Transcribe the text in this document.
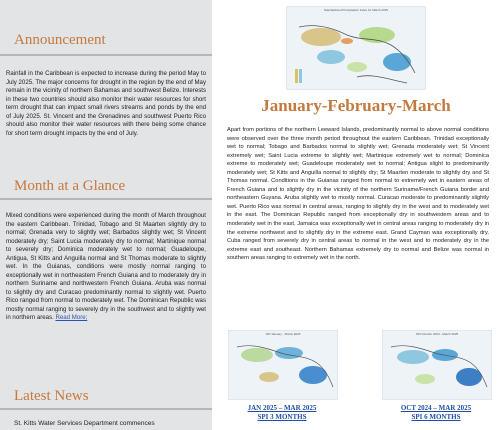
Announcement

Rainfall in the Caribbean is expected to increase during the period May to July 2025. The major concerns for drought in the region by the end of May remain in the vicinity of northern Bahamas and southwest Belize. Interests in these two countries should also monitor their water resources for short term drought that can impact small rivers streams and ponds by the end of July 2025. St. Vincent and the Grenadines and southwest Puerto Rico should also monitor their water resources with there being some chance for short term drought impacts by the end of July.

Month at a Glance

Mixed conditions were experienced during the month of March throughout the eastern Caribbean. Trinidad, Tobago and St Maarten slightly dry to normal; Grenada very to slightly wet; Barbados slightly wet; St Vincent moderately dry; Saint Lucia moderately dry to normal; Martinique normal to severely dry; Dominica moderately wet to normal; Guadeloupe, Antigua, St Kitts and Anguilla normal and St Thomas moderate to slightly wet. In the Guianas, conditions were mostly normal ranging to exceptionally wet in northeastern French Guiana and to moderately dry in northern Suriname and northwestern French Guiana. Aruba was normal to slightly dry and Curacao predominantly normal to slightly wet. Puerto Rico ranged from normal to moderately wet. The Dominican Republic was mostly normal ranging to severely dry in the southwest and to slightly wet in northern areas. Read More;

Latest News
St. Kitts Water Services Department commences
Standardized Precipitation Index for March 2025
January-February-March

Apart from portions of the northern Leeward Islands, predominantly normal to above normal conditions were observed over the three month period throughout the eastern Caribbean. Trinidad exceptionally wet to normal; Tobago and Barbados normal to slightly wet; Grenada moderately wet; St Vincent extremely wet; Saint Lucia extreme to slightly wet; Martinique extremely wet to normal; Dominica extreme to moderately wet; Guadeloupe moderately wet to normal; Antigua slight to predominantly moderately wet; St Kitts and Anguilla normal to slightly dry; St Maarten moderate to slightly dry and St Thomas normal. Conditions in the Guianas ranged from normal to extremely wet in eastern areas of French Guiana and to slightly dry in the vicinity of the northern Suriname/French Guiana border and northeastern Guyana. Aruba slightly wet to mostly normal. Curacao moderate to predominantly slightly wet. Puerto Rico was normal in central areas, ranging to slightly dry in the west and to moderately wet in the east. The Dominican Republic ranged from exceptionally dry in southwestern areas and to moderately wet in the east. Jamaica was exceptionally wet in central areas ranging to moderately dry in the extreme northwest and to slightly dry in the extreme east. Grand Cayman was exceptionally dry. Cuba ranged from severely dry in central areas to normal in the west and to moderately dry in the extreme east and southeast. Northern Bahamas extremely dry to normal and Belize was normal in southern areas ranging to extremely wet in the north.

SPI January - March 2025	SPI October 2024 - March 2025
JAN 2025 – MAR 2025
SPI 3 MONTHS
OCT 2024 – MAR 2025
SPI 6 MONTHS
